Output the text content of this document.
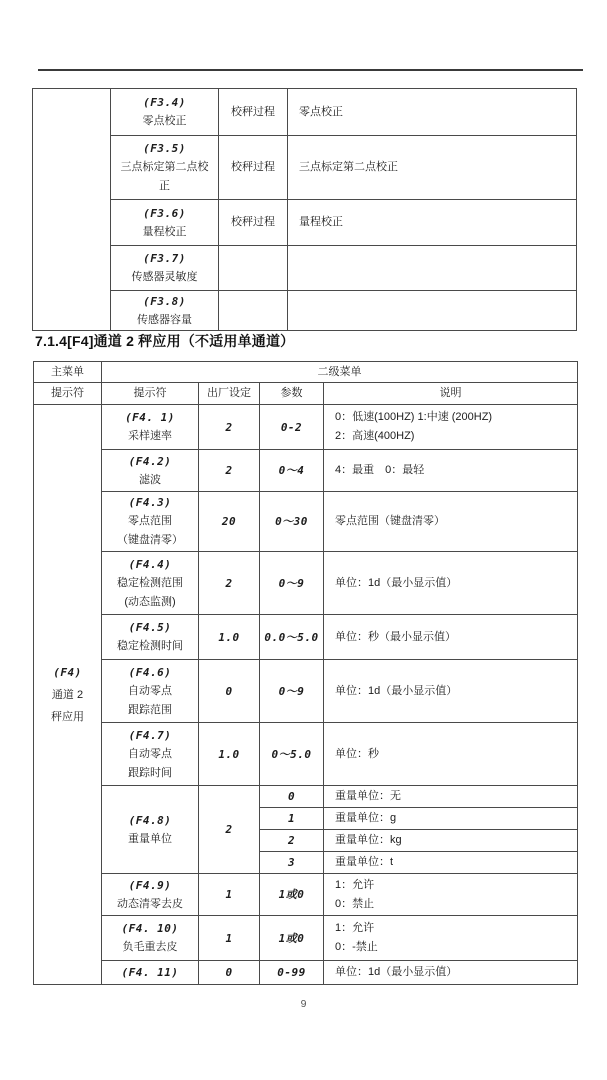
	(F3.4)
零点校正	校秤过程	零点校正

	(F3.5)
三点标定第二点校
正	校秤过程	三点标定第二点校正

	(F3.6)
量程校正	校秤过程	量程校正

	(F3.7)
传感器灵敏度		

	(F3.8)
传感器容量		

7.1.4[F4]通道 2 秤应用（不适用单通道）
主菜单	二级菜单			
提示符	提示符	出厂设定	参数	说明

(F4)
通道 2
秤应用

(F4. 1)
采样速率
	2	0-2	
0：低速(100HZ) 1:中速 (200HZ)
2：高速(400HZ)

	(F4.2)
滤波	2	0～4	4：最重　0：最轻

	(F4.3)
零点范围
（键盘清零）	20	0～30	零点范围（键盘清零）

	(F4.4)
稳定检测范围
(动态监测)	2	0～9	单位：1d（最小显示值）

	(F4.5)
稳定检测时间	1.0	0.0～5.0	单位：秒（最小显示值）

	(F4.6)
自动零点
跟踪范围	0	0～9	单位：1d（最小显示值）

	(F4.7)
自动零点
跟踪时间	1.0	0～5.0	单位：秒

	(F4.8)
重量单位	2	0	重量单位：无
			1	重量单位：g
			2	重量单位：kg
			3	重量单位：t

(F4.9)
动态清零去皮
	1	1或0	
1：允许
0：禁止

(F4. 10)
负毛重去皮
	1	1或0	
1：允许
0：-禁止

	(F4. 11)	0	0-99	单位：1d（最小显示值）
9
